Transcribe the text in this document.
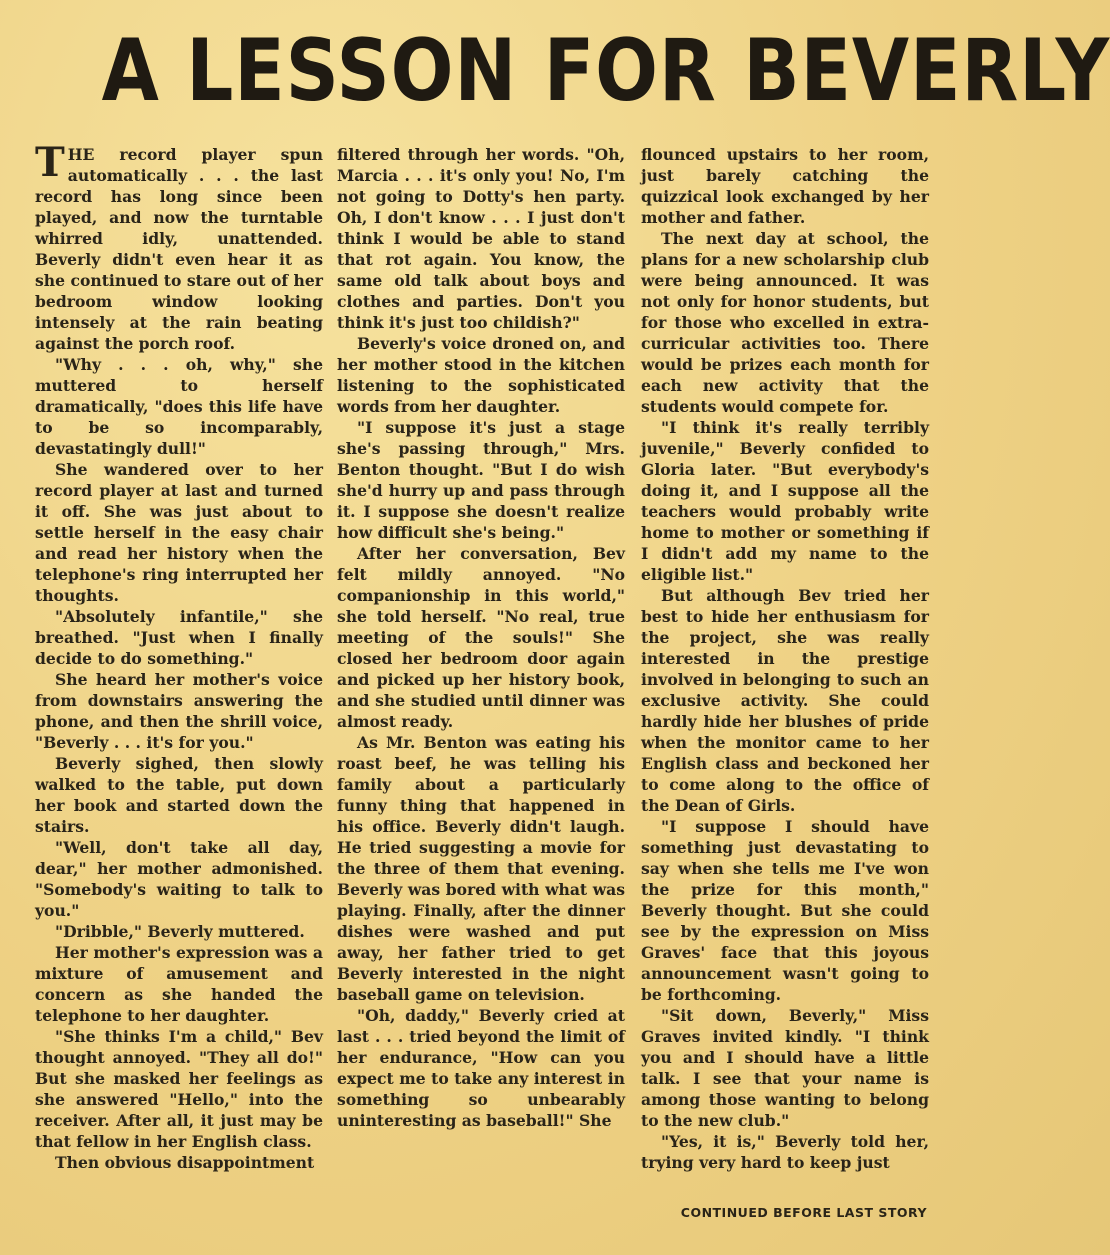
A LESSON FOR BEVERLY

THE record player spun automatically . . . the last record has long since been played, and now the turntable whirred idly, unattended. Beverly didn't even hear it as she continued to stare out of her bedroom window looking intensely at the rain beating against the porch roof.

"Why . . . oh, why," she muttered to herself dramatically, "does this life have to be so incomparably, devastatingly dull!"

She wandered over to her record player at last and turned it off. She was just about to settle herself in the easy chair and read her history when the telephone's ring interrupted her thoughts.

"Absolutely infantile," she breathed. "Just when I finally decide to do something."

She heard her mother's voice from downstairs answering the phone, and then the shrill voice, "Beverly . . . it's for you."

Beverly sighed, then slowly walked to the table, put down her book and started down the stairs.

"Well, don't take all day, dear," her mother admonished. "Somebody's waiting to talk to you."

"Dribble," Beverly muttered.

Her mother's expression was a mixture of amusement and concern as she handed the telephone to her daughter.

"She thinks I'm a child," Bev thought annoyed. "They all do!" But she masked her feelings as she answered "Hello," into the receiver. After all, it just may be that fellow in her English class.

Then obvious disappointment

filtered through her words. "Oh, Marcia . . . it's only you! No, I'm not going to Dotty's hen party. Oh, I don't know . . . I just don't think I would be able to stand that rot again. You know, the same old talk about boys and clothes and parties. Don't you think it's just too childish?"

Beverly's voice droned on, and her mother stood in the kitchen listening to the sophisticated words from her daughter.

"I suppose it's just a stage she's passing through," Mrs. Benton thought. "But I do wish she'd hurry up and pass through it. I suppose she doesn't realize how difficult she's being."

After her conversation, Bev felt mildly annoyed. "No companionship in this world," she told herself. "No real, true meeting of the souls!" She closed her bedroom door again and picked up her history book, and she studied until dinner was almost ready.

As Mr. Benton was eating his roast beef, he was telling his family about a particularly funny thing that happened in his office. Beverly didn't laugh. He tried suggesting a movie for the three of them that evening. Beverly was bored with what was playing. Finally, after the dinner dishes were washed and put away, her father tried to get Beverly interested in the night baseball game on television.

"Oh, daddy," Beverly cried at last . . . tried beyond the limit of her endurance, "How can you expect me to take any interest in something so unbearably uninteresting as baseball!" She

flounced upstairs to her room, just barely catching the quizzical look exchanged by her mother and father.

The next day at school, the plans for a new scholarship club were being announced. It was not only for honor students, but for those who excelled in extra-curricular activities too. There would be prizes each month for each new activity that the students would compete for.

"I think it's really terribly juvenile," Beverly confided to Gloria later. "But everybody's doing it, and I suppose all the teachers would probably write home to mother or something if I didn't add my name to the eligible list."

But although Bev tried her best to hide her enthusiasm for the project, she was really interested in the prestige involved in belonging to such an exclusive activity. She could hardly hide her blushes of pride when the monitor came to her English class and beckoned her to come along to the office of the Dean of Girls.

"I suppose I should have something just devastating to say when she tells me I've won the prize for this month," Beverly thought. But she could see by the expression on Miss Graves' face that this joyous announcement wasn't going to be forthcoming.

"Sit down, Beverly," Miss Graves invited kindly. "I think you and I should have a little talk. I see that your name is among those wanting to belong to the new club."

"Yes, it is," Beverly told her, trying very hard to keep just

CONTINUED BEFORE LAST STORY
